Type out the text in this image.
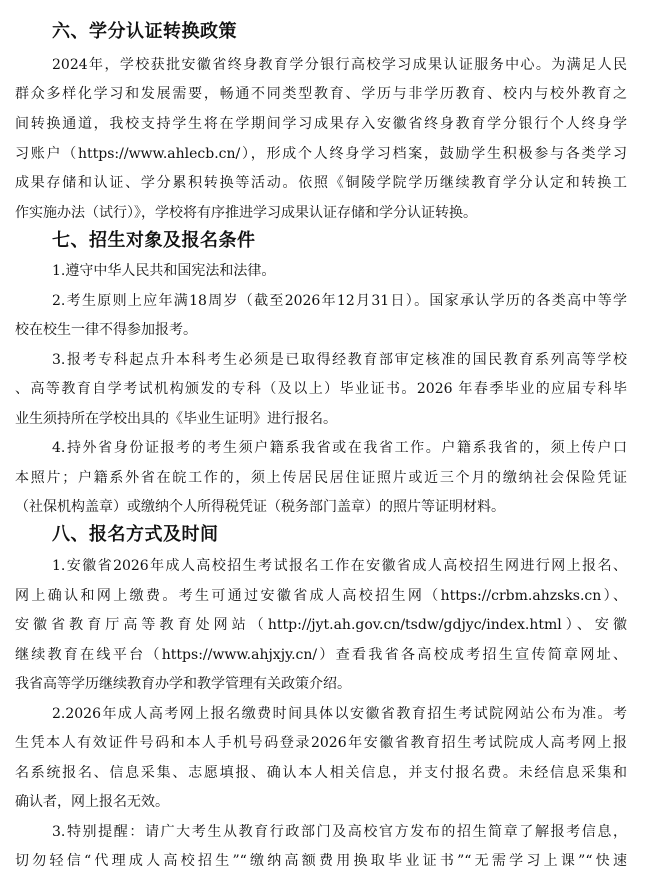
六、学分认证转换政策
2024年，学校获批安徽省终身教育学分银行高校学习成果认证服务中心。为满足人民
群众多样化学习和发展需要，畅通不同类型教育、学历与非学历教育、校内与校外教育之
间转换通道，我校支持学生将在学期间学习成果存入安徽省终身教育学分银行个人终身学
习账户（https://www.ahlecb.cn/），形成个人终身学习档案，鼓励学生积极参与各类学习
成果存储和认证、学分累积转换等活动。依照《铜陵学院学历继续教育学分认定和转换工
作实施办法（试行）》，学校将有序推进学习成果认证存储和学分认证转换。
七、招生对象及报名条件
1.遵守中华人民共和国宪法和法律。
2.考生原则上应年满18周岁（截至2026年12月31日）。国家承认学历的各类高中等学
校在校生一律不得参加报考。
3.报考专科起点升本科考生必须是已取得经教育部审定核准的国民教育系列高等学校
、高等教育自学考试机构颁发的专科（及以上）毕业证书。2026 年春季毕业的应届专科毕
业生须持所在学校出具的《毕业生证明》进行报名。
4.持外省身份证报考的考生须户籍系我省或在我省工作。户籍系我省的，须上传户口
本照片；户籍系外省在皖工作的，须上传居民居住证照片或近三个月的缴纳社会保险凭证
（社保机构盖章）或缴纳个人所得税凭证（税务部门盖章）的照片等证明材料。
八、报名方式及时间
1.安徽省2026年成人高校招生考试报名工作在安徽省成人高校招生网进行网上报名、
网上确认和网上缴费。考生可通过安徽省成人高校招生网（https://crbm.ahzsks.cn）、
安徽省教育厅高等教育处网站（http://jyt.ah.gov.cn/tsdw/gdjyc/index.html）、安徽
继续教育在线平台（https://www.ahjxjy.cn/）查看我省各高校成考招生宣传简章网址、
我省高等学历继续教育办学和教学管理有关政策介绍。
2.2026年成人高考网上报名缴费时间具体以安徽省教育招生考试院网站公布为准。考
生凭本人有效证件号码和本人手机号码登录2026年安徽省教育招生考试院成人高考网上报
名系统报名、信息采集、志愿填报、确认本人相关信息，并支付报名费。未经信息采集和
确认者，网上报名无效。
3.特别提醒：请广大考生从教育行政部门及高校官方发布的招生简章了解报考信息，
切勿轻信“代理成人高校招生”“缴纳高额费用换取毕业证书”“无需学习上课”“快速
